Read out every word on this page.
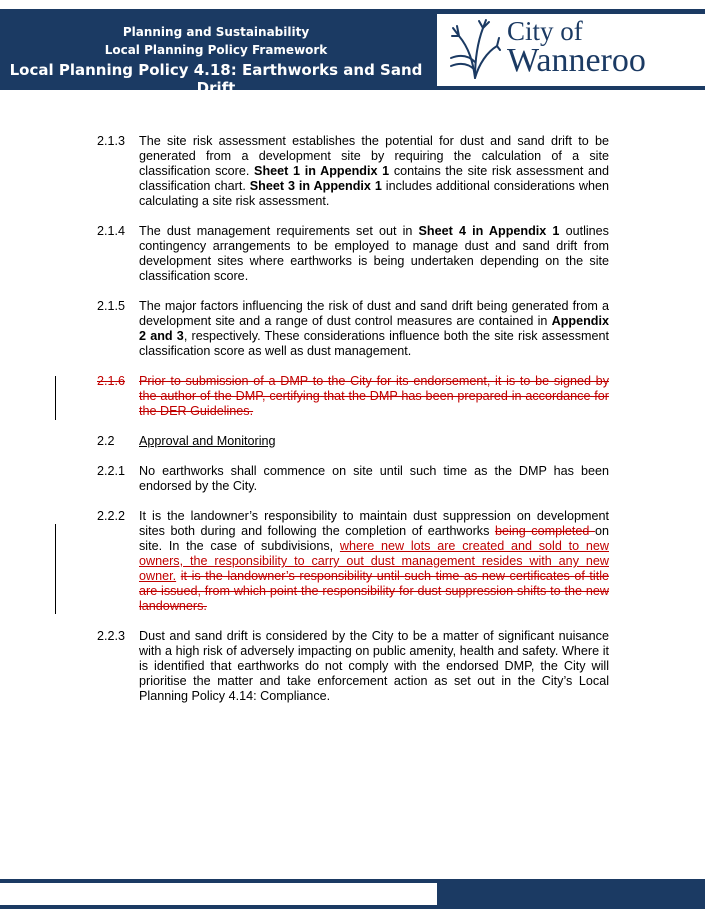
Planning and Sustainability
Local Planning Policy Framework
Local Planning Policy 4.18: Earthworks and Sand Drift
City of
Wanneroo
2.1.3	The site risk assessment establishes the potential for dust and sand drift to be generated from a development site by requiring the calculation of a site classification score. Sheet 1 in Appendix 1 contains the site risk assessment and classification chart. Sheet 3 in Appendix 1 includes additional considerations when calculating a site risk assessment.
2.1.4	The dust management requirements set out in Sheet 4 in Appendix 1 outlines contingency arrangements to be employed to manage dust and sand drift from development sites where earthworks is being undertaken depending on the site classification score.
2.1.5	The major factors influencing the risk of dust and sand drift being generated from a development site and a range of dust control measures are contained in Appendix 2 and 3, respectively. These considerations influence both the site risk assessment classification score as well as dust management.
2.1.6	Prior to submission of a DMP to the City for its endorsement, it is to be signed by the author of the DMP, certifying that the DMP has been prepared in accordance for the DER Guidelines.
2.2	Approval and Monitoring
2.2.1	No earthworks shall commence on site until such time as the DMP has been endorsed by the City.
2.2.2	It is the landowner’s responsibility to maintain dust suppression on development sites both during and following the completion of earthworks being completed on site. In the case of subdivisions, where new lots are created and sold to new owners, the responsibility to carry out dust management resides with any new owner. it is the landowner’s responsibility until such time as new certificates of title are issued, from which point the responsibility for dust suppression shifts to the new landowners.
2.2.3	Dust and sand drift is considered by the City to be a matter of significant nuisance with a high risk of adversely impacting on public amenity, health and safety. Where it is identified that earthworks do not comply with the endorsed DMP, the City will prioritise the matter and take enforcement action as set out in the City’s Local Planning Policy 4.14: Compliance.
